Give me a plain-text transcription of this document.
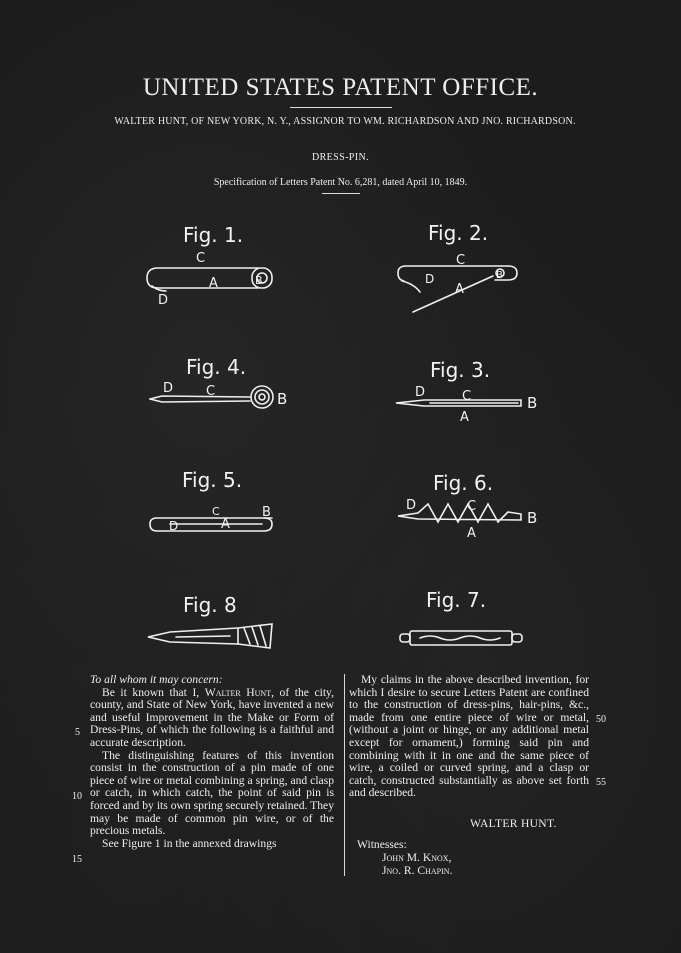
UNITED STATES PATENT OFFICE.
WALTER HUNT, OF NEW YORK, N. Y., ASSIGNOR TO WM. RICHARDSON AND JNO. RICHARDSON.
DRESS-PIN.
Specification of Letters Patent No. 6,281, dated April 10, 1849.
Fig. 1.
C
A	B
D
Fig. 2.
C
D	B
A
Fig. 4.
D	C	B
Fig. 3.
D	C	B
A
Fig. 5.
C
D	A
B
Fig. 6.
D	C
B
A
Fig. 8	Fig. 7.

To all whom it may concern:

Be it known that I, Walter Hunt, of the city, county, and State of New York, have invented a new and useful Improvement in the Make or Form of Dress-Pins, of which the following is a faithful and accurate description.

The distinguishing features of this invention consist in the construction of a pin made of one piece of wire or metal combining a spring, and clasp or catch, in which catch, the point of said pin is forced and by its own spring securely retained. They may be made of common pin wire, or of the precious metals.

See Figure 1 in the annexed drawings

5
10
15

My claims in the above described invention, for which I desire to secure Letters Patent are confined to the construction of dress-pins, hair-pins, &c., made from one entire piece of wire or metal, (without a joint or hinge, or any additional metal except for ornament,) forming said pin and combining with it in one and the same piece of wire, a coiled or curved spring, and a clasp or catch, constructed substantially as above set forth and described.

50
55
WALTER HUNT.
Witnesses:
John M. Knox,
Jno. R. Chapin.
